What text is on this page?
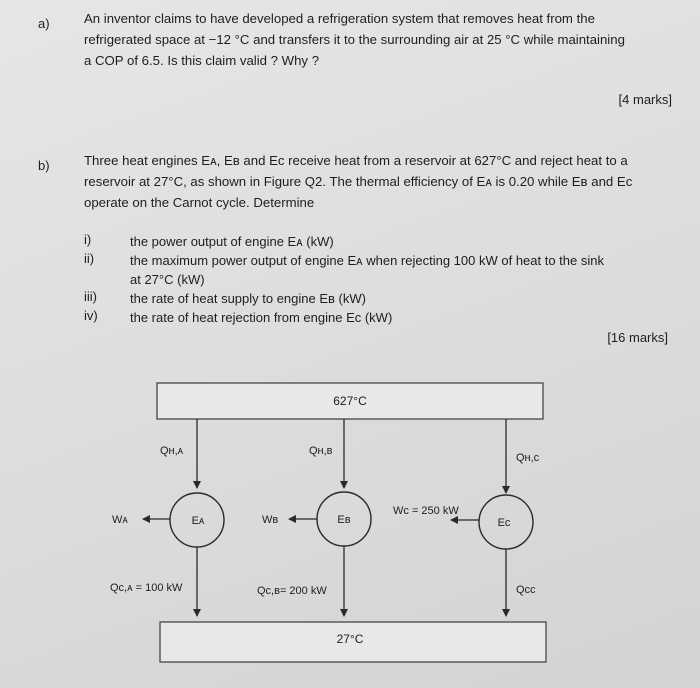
a)	An inventor claims to have developed a refrigeration system that removes heat from the
refrigerated space at −12 °C and transfers it to the surrounding air at 25 °C while maintaining
a COP of 6.5. Is this claim valid ? Why ?
[4 marks]
b)	Three heat engines Eᴀ, Eʙ and Eᴄ receive heat from a reservoir at 627°C and reject heat to a
reservoir at 27°C, as shown in Figure Q2. The thermal efficiency of Eᴀ is 0.20 while Eʙ and Eᴄ
operate on the Carnot cycle. Determine
i)	the power output of engine Eᴀ (kW)
ii)	the maximum power output of engine Eᴀ when rejecting 100 kW of heat to the sink
at 27°C (kW)
iii)	the rate of heat supply to engine Eʙ (kW)
iv)	the rate of heat rejection from engine Eᴄ (kW)
[16 marks]
627°C
27°C
Eᴀ	Eʙ	Eᴄ
Qʜ,ᴀ	Qʜ,ʙ
Qʜ,ᴄ
Wᴀ	Wʙ
Wᴄ = 250 kW
Qᴄ,ᴀ = 100 kW	Qᴄ,ʙ= 200 kW	Qᴄᴄ
